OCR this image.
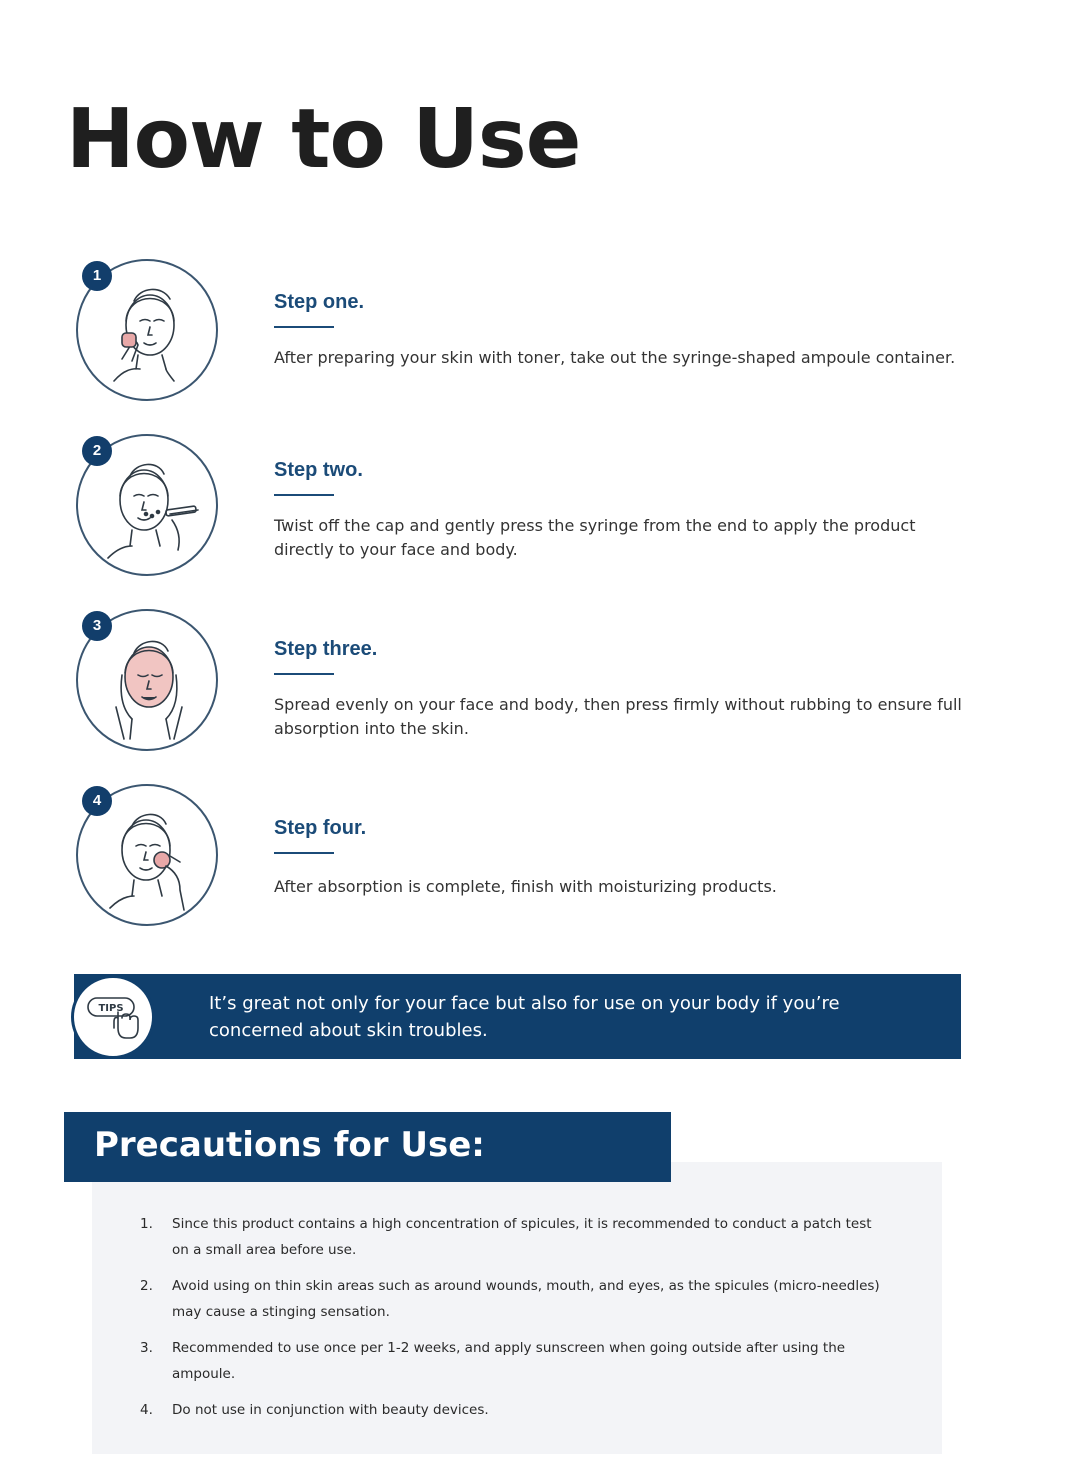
How to Use
1
Step one.
After preparing your skin with toner, take out the syringe-shaped ampoule container.
2
Step two.
Twist off the cap and gently press the syringe from the end to apply the product directly to your face and body.
3
Step three.
Spread evenly on your face and body, then press firmly without rubbing to ensure full absorption into the skin.
4
Step four.
After absorption is complete, finish with moisturizing products.
TIPS	It’s great not only for your face but also for use on your body if you’re concerned about skin troubles.
Precautions for Use:
1. Since this product contains a high concentration of spicules, it is recommended to conduct a patch test on a small area before use.
2. Avoid using on thin skin areas such as around wounds, mouth, and eyes, as the spicules (micro-needles) may cause a stinging sensation.
3. Recommended to use once per 1-2 weeks, and apply sunscreen when going outside after using the ampoule.
4. Do not use in conjunction with beauty devices.
